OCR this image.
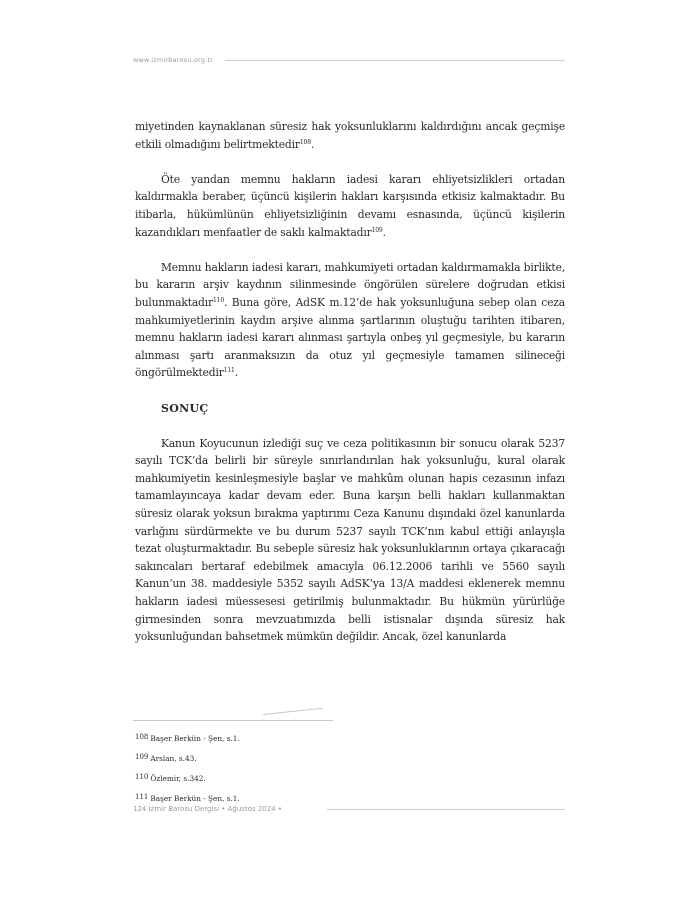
www.izmirbarosu.org.tr

miyetinden kaynaklanan süresiz hak yoksunluklarını kaldırdığını ancak geçmişe etkili olmadığını belirtmektedir$^{108}$.

Öte yandan memnu hakların iadesi kararı ehliyetsizlikleri ortadan kaldırmakla beraber, üçüncü kişilerin hakları karşısında etkisiz kalmaktadır. Bu itibarla, hükümlünün ehliyetsizliğinin devamı esnasında, üçüncü kişilerin kazandıkları menfaatler de saklı kalmaktadır$^{109}$.

Memnu hakların iadesi kararı, mahkumiyeti ortadan kaldırmamakla birlikte, bu kararın arşiv kaydının silinmesinde öngörülen sürelere doğrudan etkisi bulunmaktadır$^{110}$. Buna göre, AdSK m.12’de hak yoksunluğuna sebep olan ceza mahkumiyetlerinin kaydın arşive alınma şartlarının oluştuğu tarihten itibaren, memnu hakların iadesi kararı alınması şartıyla onbeş yıl geçmesiyle, bu kararın alınması şartı aranmaksızın da otuz yıl geçmesiyle tamamen silineceği öngörülmektedir$^{111}$.

SONUÇ

Kanun Koyucunun izlediği suç ve ceza politikasının bir sonucu olarak 5237 sayılı TCK’da belirli bir süreyle sınırlandırılan hak yoksunluğu, kural olarak mahkumiyetin kesinleşmesiyle başlar ve mahkûm olunan hapis cezasının infazı tamamlayıncaya kadar devam eder. Buna karşın belli hakları kullanmaktan süresiz olarak yoksun bırakma yaptırımı Ceza Kanunu dışındaki özel kanunlarda varlığını sürdürmekte ve bu durum 5237 sayılı TCK’nın kabul ettiği anlayışla tezat oluşturmaktadır. Bu sebeple süresiz hak yoksunluklarının ortaya çıkaracağı sakıncaları bertaraf edebilmek amacıyla 06.12.2006 tarihli ve 5560 sayılı Kanun’un 38. maddesiyle 5352 sayılı AdSK’ya 13/A maddesi eklenerek memnu hakların iadesi müessesesi getirilmiş bulunmaktadır. Bu hükmün yürürlüğe girmesinden sonra mevzuatımızda belli istisnalar dışında süresiz hak yoksunluğundan bahsetmek mümkün değildir. Ancak, özel kanunlarda

108 Başer Berkün - Şen, s.1.
109 Arslan, s.43.
110 Özlemir, s.342.
111 Başer Berkün - Şen, s.1.
124 İzmir Barosu Dergisi • Ağustos 2024 •
